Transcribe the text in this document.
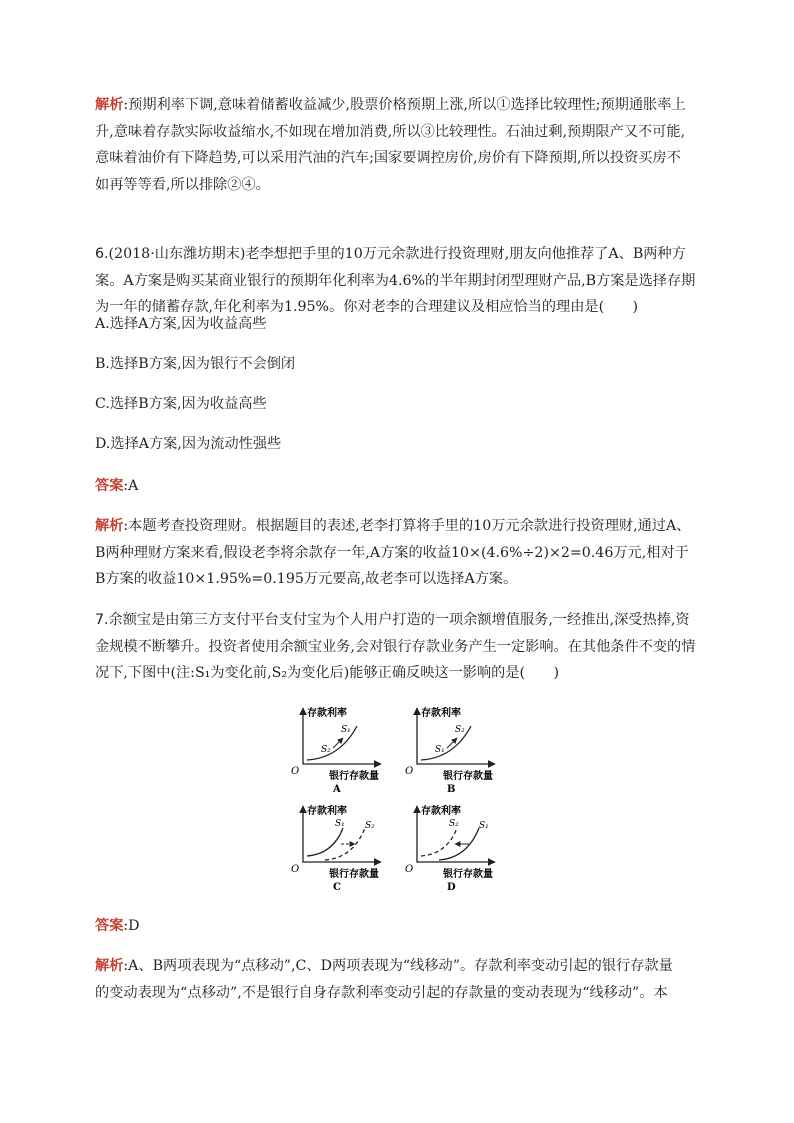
解析:预期利率下调,意味着储蓄收益减少,股票价格预期上涨,所以①选择比较理性;预期通胀率上
升,意味着存款实际收益缩水,不如现在增加消费,所以③比较理性。石油过剩,预期限产又不可能,
意味着油价有下降趋势,可以采用汽油的汽车;国家要调控房价,房价有下降预期,所以投资买房不
如再等等看,所以排除②④。
6.(2018·山东潍坊期末)老李想把手里的10万元余款进行投资理财,朋友向他推荐了A、B两种方
案。A方案是购买某商业银行的预期年化利率为4.6%的半年期封闭型理财产品,B方案是选择存期
为一年的储蓄存款,年化利率为1.95%。你对老李的合理建议及相应恰当的理由是(　　)
A.选择A方案,因为收益高些
B.选择B方案,因为银行不会倒闭
C.选择B方案,因为收益高些
D.选择A方案,因为流动性强些
答案:A
解析:本题考查投资理财。根据题目的表述,老李打算将手里的10万元余款进行投资理财,通过A、
B两种理财方案来看,假设老李将余款存一年,A方案的收益10×(4.6%÷2)×2=0.46万元,相对于
B方案的收益10×1.95%=0.195万元要高,故老李可以选择A方案。
7.余额宝是由第三方支付平台支付宝为个人用户打造的一项余额增值服务,一经推出,深受热捧,资
金规模不断攀升。投资者使用余额宝业务,会对银行存款业务产生一定影响。在其他条件不变的情
况下,下图中(注:S₁为变化前,S₂为变化后)能够正确反映这一影响的是(　　)
存款利率
O	银行存款量
S₁
S₂
A
存款利率
O	银行存款量
S₂
S₁
B
存款利率
O	银行存款量
S₁ S₂
C
存款利率
O	银行存款量
S₂ S₁
D
答案:D
解析:A、B两项表现为“点移动”,C、D两项表现为“线移动”。存款利率变动引起的银行存款量
的变动表现为“点移动”,不是银行自身存款利率变动引起的存款量的变动表现为“线移动”。本
